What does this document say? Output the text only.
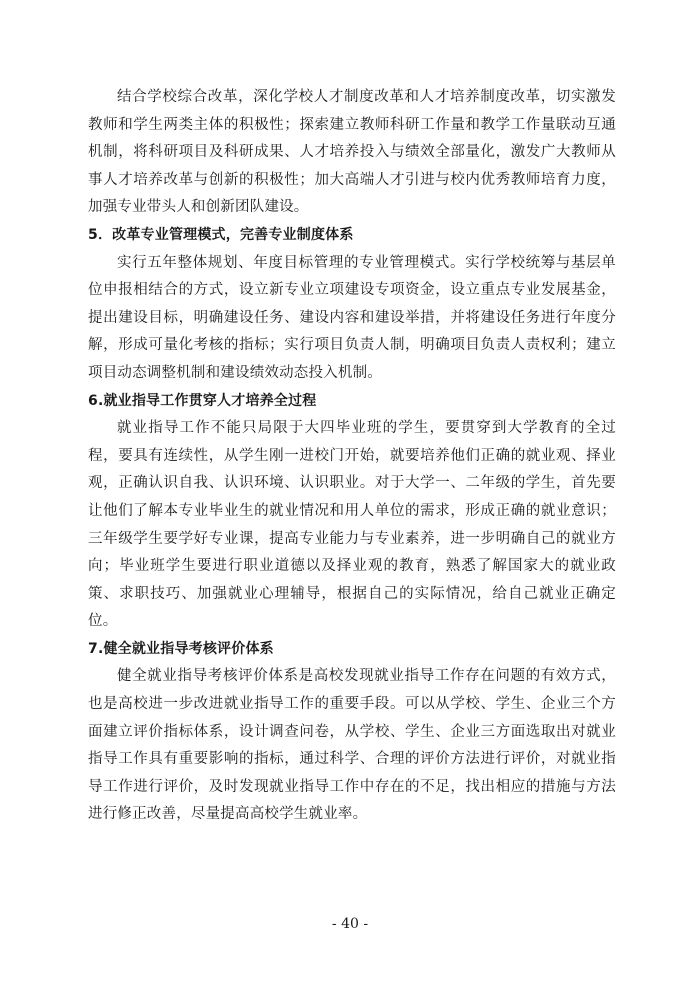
结合学校综合改革，深化学校人才制度改革和人才培养制度改革，切实激发教师和学生两类主体的积极性；探索建立教师科研工作量和教学工作量联动互通机制，将科研项目及科研成果、人才培养投入与绩效全部量化，激发广大教师从事人才培养改革与创新的积极性；加大高端人才引进与校内优秀教师培育力度，加强专业带头人和创新团队建设。

5．改革专业管理模式，完善专业制度体系

实行五年整体规划、年度目标管理的专业管理模式。实行学校统筹与基层单位申报相结合的方式，设立新专业立项建设专项资金，设立重点专业发展基金，提出建设目标，明确建设任务、建设内容和建设举措，并将建设任务进行年度分解，形成可量化考核的指标；实行项目负责人制，明确项目负责人责权利；建立项目动态调整机制和建设绩效动态投入机制。

6.就业指导工作贯穿人才培养全过程

就业指导工作不能只局限于大四毕业班的学生，要贯穿到大学教育的全过程，要具有连续性，从学生刚一进校门开始，就要培养他们正确的就业观、择业观，正确认识自我、认识环境、认识职业。对于大学一、二年级的学生，首先要让他们了解本专业毕业生的就业情况和用人单位的需求，形成正确的就业意识；三年级学生要学好专业课，提高专业能力与专业素养，进一步明确自己的就业方向；毕业班学生要进行职业道德以及择业观的教育，熟悉了解国家大的就业政策、求职技巧、加强就业心理辅导，根据自己的实际情况，给自己就业正确定位。

7.健全就业指导考核评价体系

健全就业指导考核评价体系是高校发现就业指导工作存在问题的有效方式，也是高校进一步改进就业指导工作的重要手段。可以从学校、学生、企业三个方面建立评价指标体系，设计调查问卷，从学校、学生、企业三方面选取出对就业指导工作具有重要影响的指标，通过科学、合理的评价方法进行评价，对就业指导工作进行评价，及时发现就业指导工作中存在的不足，找出相应的措施与方法进行修正改善，尽量提高高校学生就业率。

- 40 -
